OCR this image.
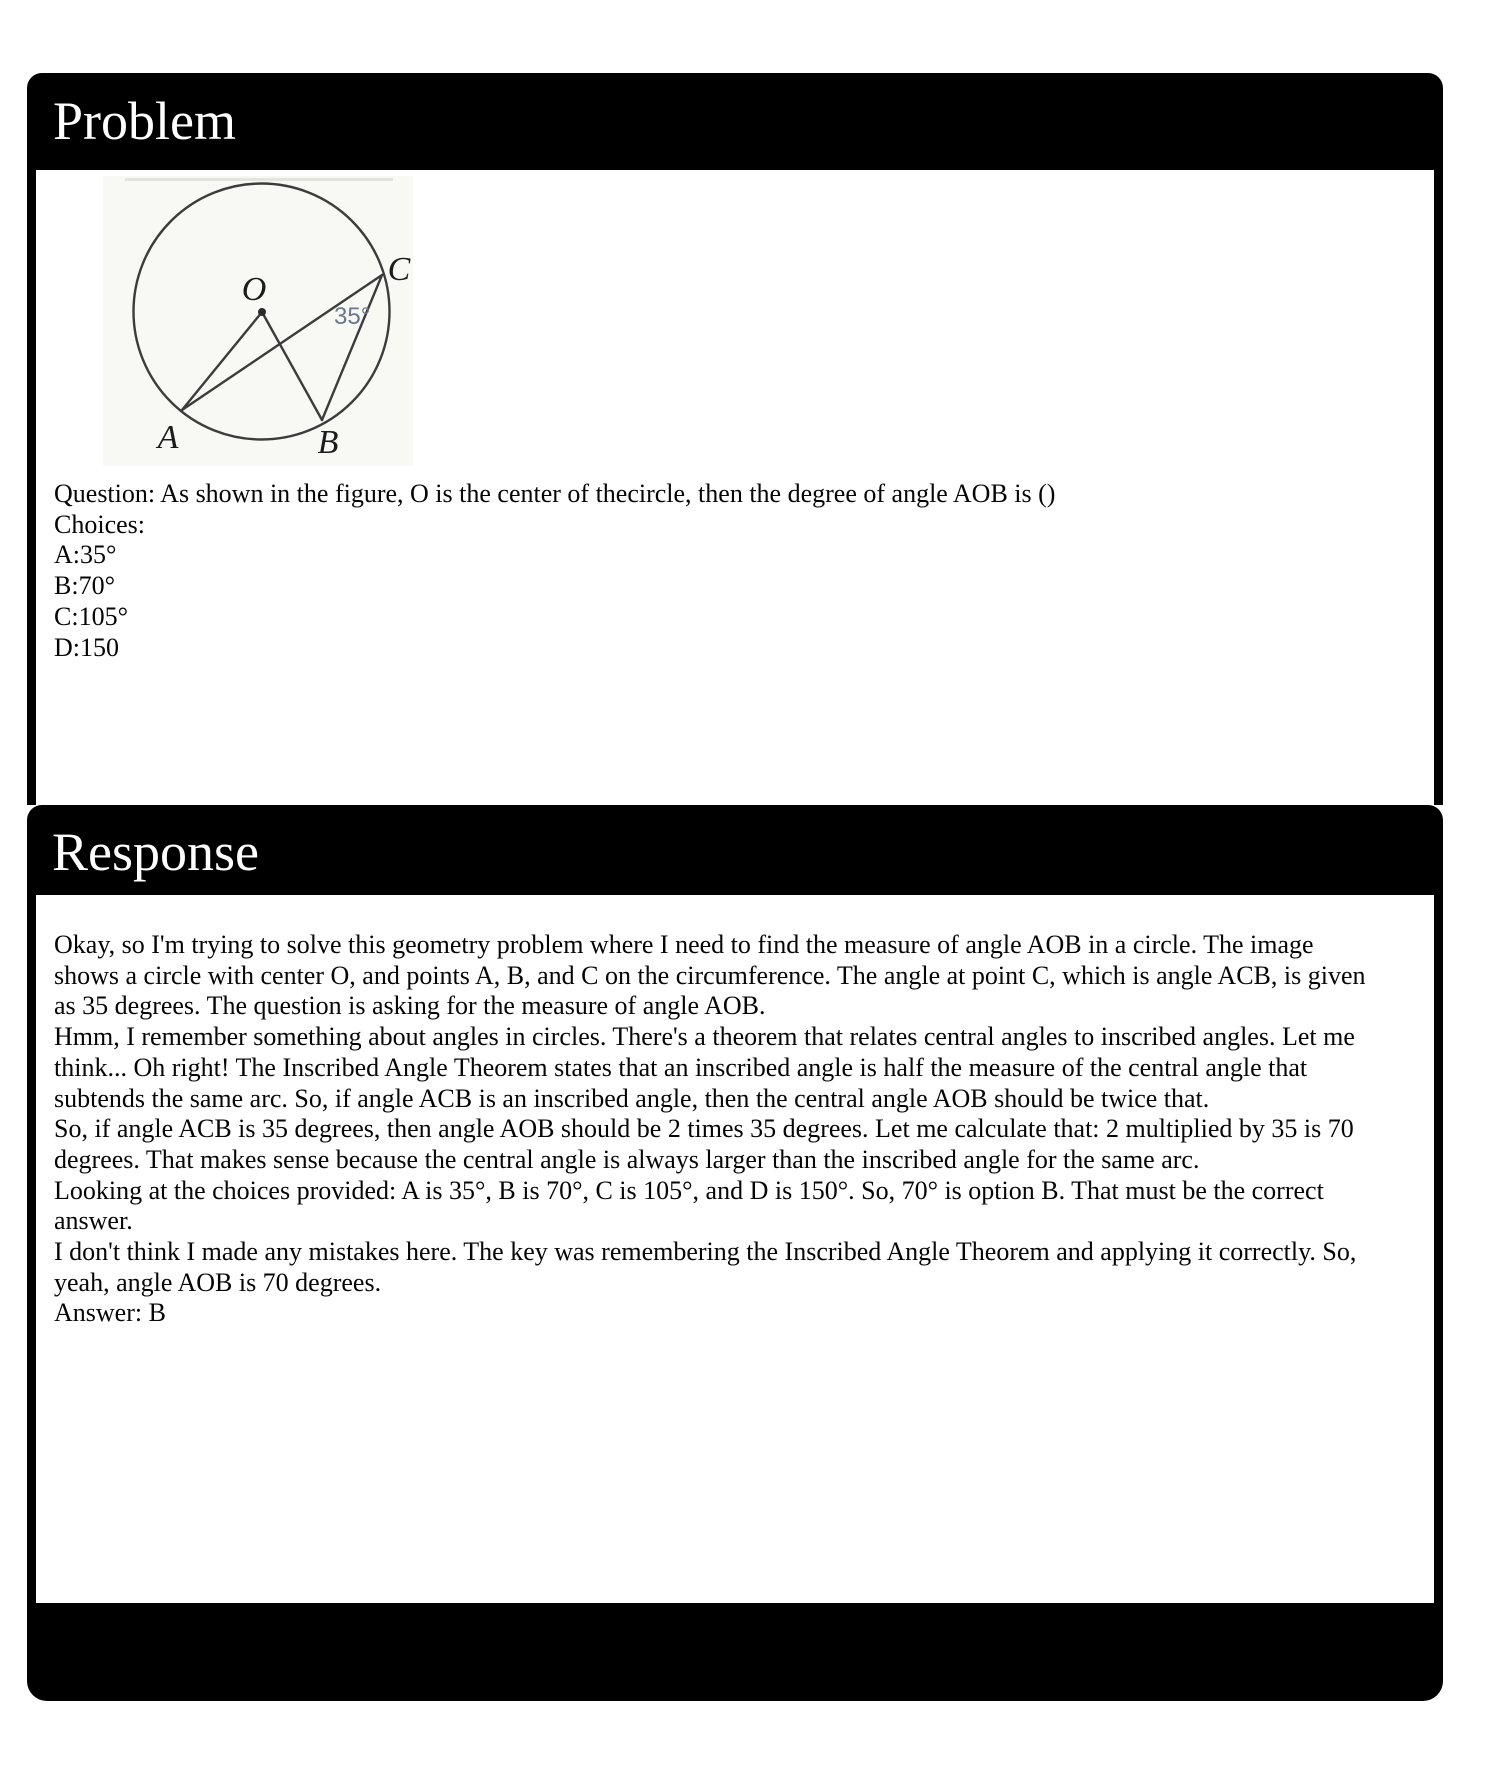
Problem
O
A	B
C
35°
Question: As shown in the figure, O is the center of thecircle, then the degree of angle AOB is ()
Choices:
A:35°
B:70°
C:105°
D:150
Response
Okay, so I'm trying to solve this geometry problem where I need to find the measure of angle AOB in a circle. The image
shows a circle with center O, and points A, B, and C on the circumference. The angle at point C, which is angle ACB, is given
as 35 degrees. The question is asking for the measure of angle AOB.
Hmm, I remember something about angles in circles. There's a theorem that relates central angles to inscribed angles. Let me
think... Oh right! The Inscribed Angle Theorem states that an inscribed angle is half the measure of the central angle that
subtends the same arc. So, if angle ACB is an inscribed angle, then the central angle AOB should be twice that.
So, if angle ACB is 35 degrees, then angle AOB should be 2 times 35 degrees. Let me calculate that: 2 multiplied by 35 is 70
degrees. That makes sense because the central angle is always larger than the inscribed angle for the same arc.
Looking at the choices provided: A is 35°, B is 70°, C is 105°, and D is 150°. So, 70° is option B. That must be the correct
answer.
I don't think I made any mistakes here. The key was remembering the Inscribed Angle Theorem and applying it correctly. So,
yeah, angle AOB is 70 degrees.
Answer: B
